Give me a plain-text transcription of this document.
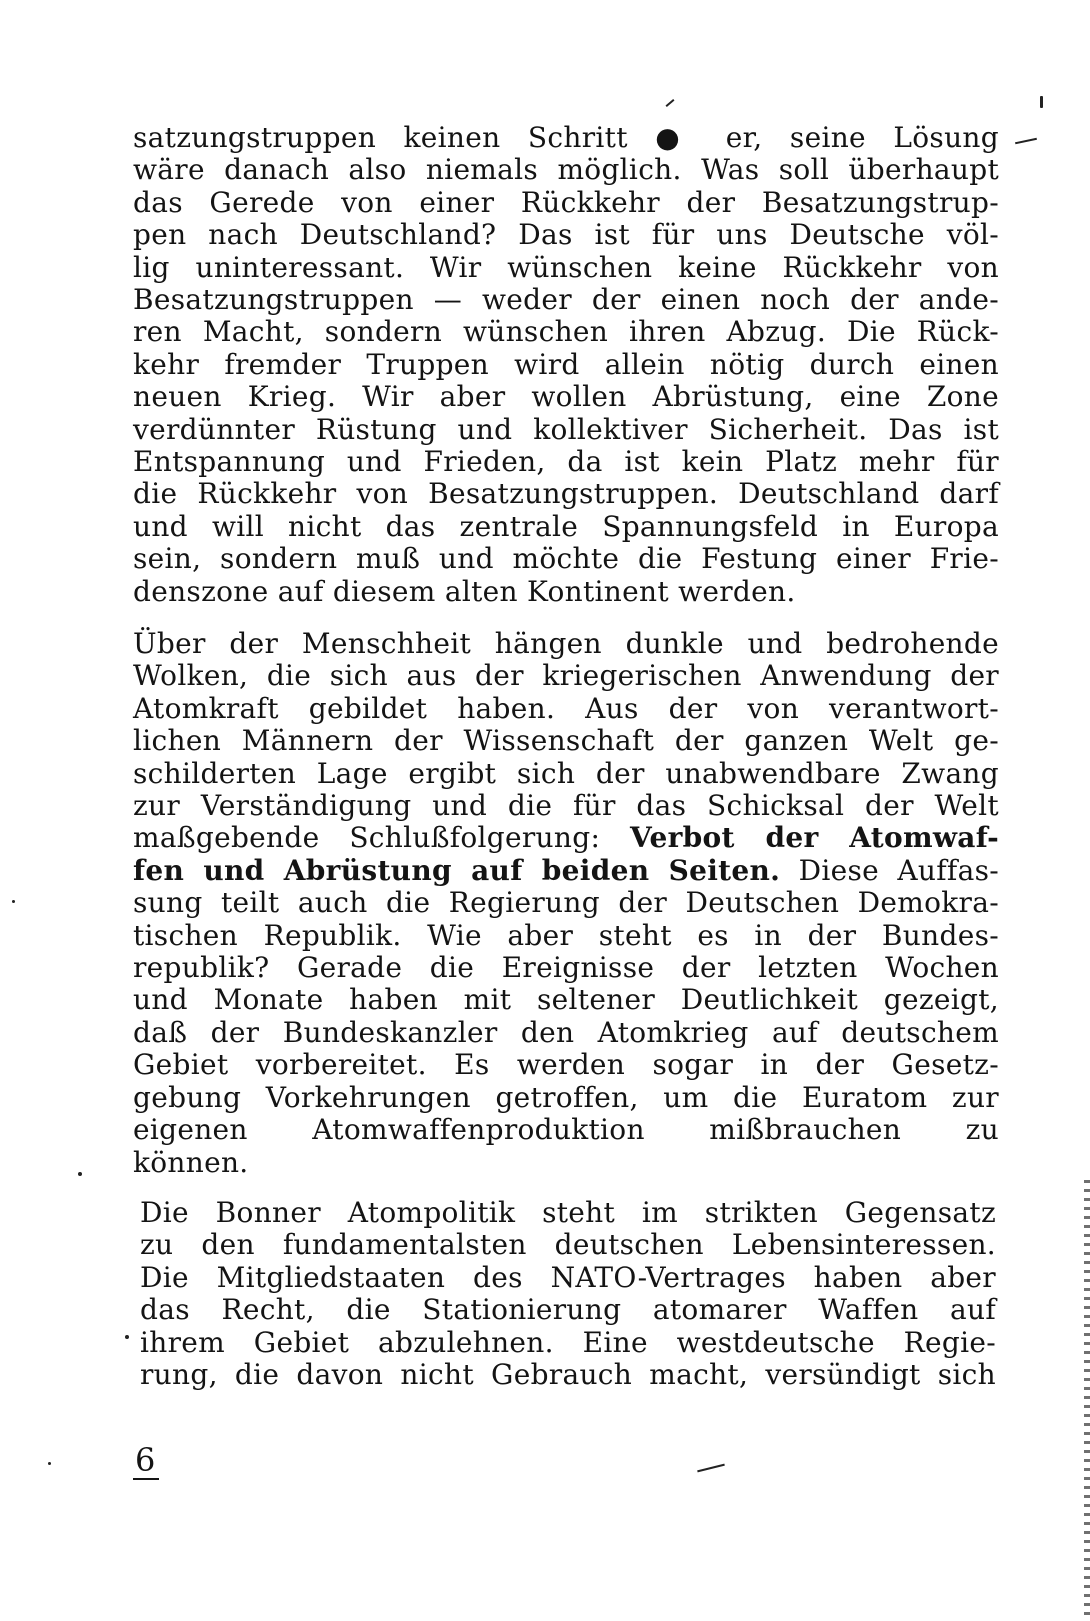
satzungstruppen keinen Schritt ● er, seine Lösung
wäre danach also niemals möglich. Was soll überhaupt
das Gerede von einer Rückkehr der Besatzungstrup-
pen nach Deutschland? Das ist für uns Deutsche völ-
lig uninteressant. Wir wünschen keine Rückkehr von
Besatzungstruppen — weder der einen noch der ande-
ren Macht, sondern wünschen ihren Abzug. Die Rück-
kehr fremder Truppen wird allein nötig durch einen
neuen Krieg. Wir aber wollen Abrüstung, eine Zone
verdünnter Rüstung und kollektiver Sicherheit. Das ist
Entspannung und Frieden, da ist kein Platz mehr für
die Rückkehr von Besatzungstruppen. Deutschland darf
und will nicht das zentrale Spannungsfeld in Europa
sein, sondern muß und möchte die Festung einer Frie-
denszone auf diesem alten Kontinent werden.
Über der Menschheit hängen dunkle und bedrohende
Wolken, die sich aus der kriegerischen Anwendung der
Atomkraft gebildet haben. Aus der von verantwort-
lichen Männern der Wissenschaft der ganzen Welt ge-
schilderten Lage ergibt sich der unabwendbare Zwang
zur Verständigung und die für das Schicksal der Welt
maßgebende Schlußfolgerung: Verbot der Atomwaf-
fen und Abrüstung auf beiden Seiten. Diese Auffas-
sung teilt auch die Regierung der Deutschen Demokra-
tischen Republik. Wie aber steht es in der Bundes-
republik? Gerade die Ereignisse der letzten Wochen
und Monate haben mit seltener Deutlichkeit gezeigt,
daß der Bundeskanzler den Atomkrieg auf deutschem
Gebiet vorbereitet. Es werden sogar in der Gesetz-
gebung Vorkehrungen getroffen, um die Euratom zur
eigenen Atomwaffenproduktion mißbrauchen zu
können.
Die Bonner Atompolitik steht im strikten Gegensatz
zu den fundamentalsten deutschen Lebensinteressen.
Die Mitgliedstaaten des NATO-Vertrages haben aber
das Recht, die Stationierung atomarer Waffen auf
ihrem Gebiet abzulehnen. Eine westdeutsche Regie-
rung, die davon nicht Gebrauch macht, versündigt sich
6
